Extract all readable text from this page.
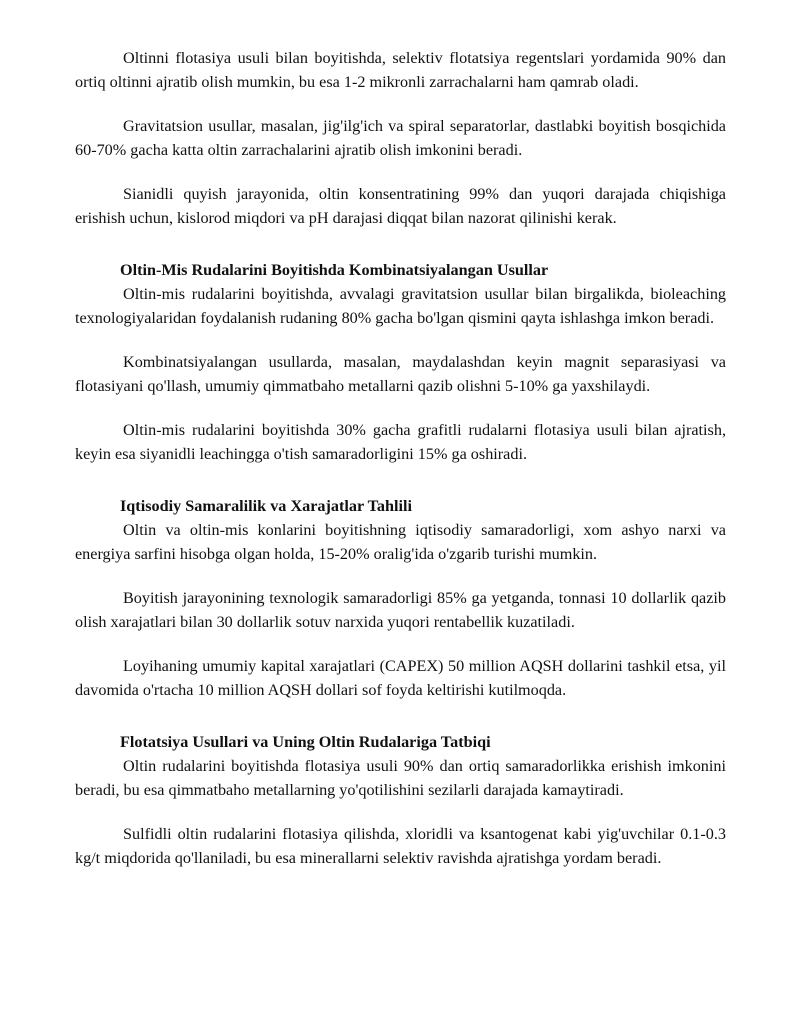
Oltinni flotasiya usuli bilan boyitishda, selektiv flotatsiya regentslari yordamida 90% dan ortiq oltinni ajratib olish mumkin, bu esa 1-2 mikronli zarrachalarni ham qamrab oladi.

Gravitatsion usullar, masalan, jig'ilg'ich va spiral separatorlar, dastlabki boyitish bosqichida 60-70% gacha katta oltin zarrachalarini ajratib olish imkonini beradi.

Sianidli quyish jarayonida, oltin konsentratining 99% dan yuqori darajada chiqishiga erishish uchun, kislorod miqdori va pH darajasi diqqat bilan nazorat qilinishi kerak.

Oltin-Mis Rudalarini Boyitishda Kombinatsiyalangan Usullar

Oltin-mis rudalarini boyitishda, avvalagi gravitatsion usullar bilan birgalikda, bioleaching texnologiyalaridan foydalanish rudaning 80% gacha bo'lgan qismini qayta ishlashga imkon beradi.

Kombinatsiyalangan usullarda, masalan, maydalashdan keyin magnit separasiyasi va flotasiyani qo'llash, umumiy qimmatbaho metallarni qazib olishni 5-10% ga yaxshilaydi.

Oltin-mis rudalarini boyitishda 30% gacha grafitli rudalarni flotasiya usuli bilan ajratish, keyin esa siyanidli leachingga o'tish samaradorligini 15% ga oshiradi.

Iqtisodiy Samaralilik va Xarajatlar Tahlili

Oltin va oltin-mis konlarini boyitishning iqtisodiy samaradorligi, xom ashyo narxi va energiya sarfini hisobga olgan holda, 15-20% oralig'ida o'zgarib turishi mumkin.

Boyitish jarayonining texnologik samaradorligi 85% ga yetganda, tonnasi 10 dollarlik qazib olish xarajatlari bilan 30 dollarlik sotuv narxida yuqori rentabellik kuzatiladi.

Loyihaning umumiy kapital xarajatlari (CAPEX) 50 million AQSH dollarini tashkil etsa, yil davomida o'rtacha 10 million AQSH dollari sof foyda keltirishi kutilmoqda.

Flotatsiya Usullari va Uning Oltin Rudalariga Tatbiqi

Oltin rudalarini boyitishda flotasiya usuli 90% dan ortiq samaradorlikka erishish imkonini beradi, bu esa qimmatbaho metallarning yo'qotilishini sezilarli darajada kamaytiradi.

Sulfidli oltin rudalarini flotasiya qilishda, xloridli va ksantogenat kabi yig'uvchilar 0.1-0.3 kg/t miqdorida qo'llaniladi, bu esa minerallarni selektiv ravishda ajratishga yordam beradi.
